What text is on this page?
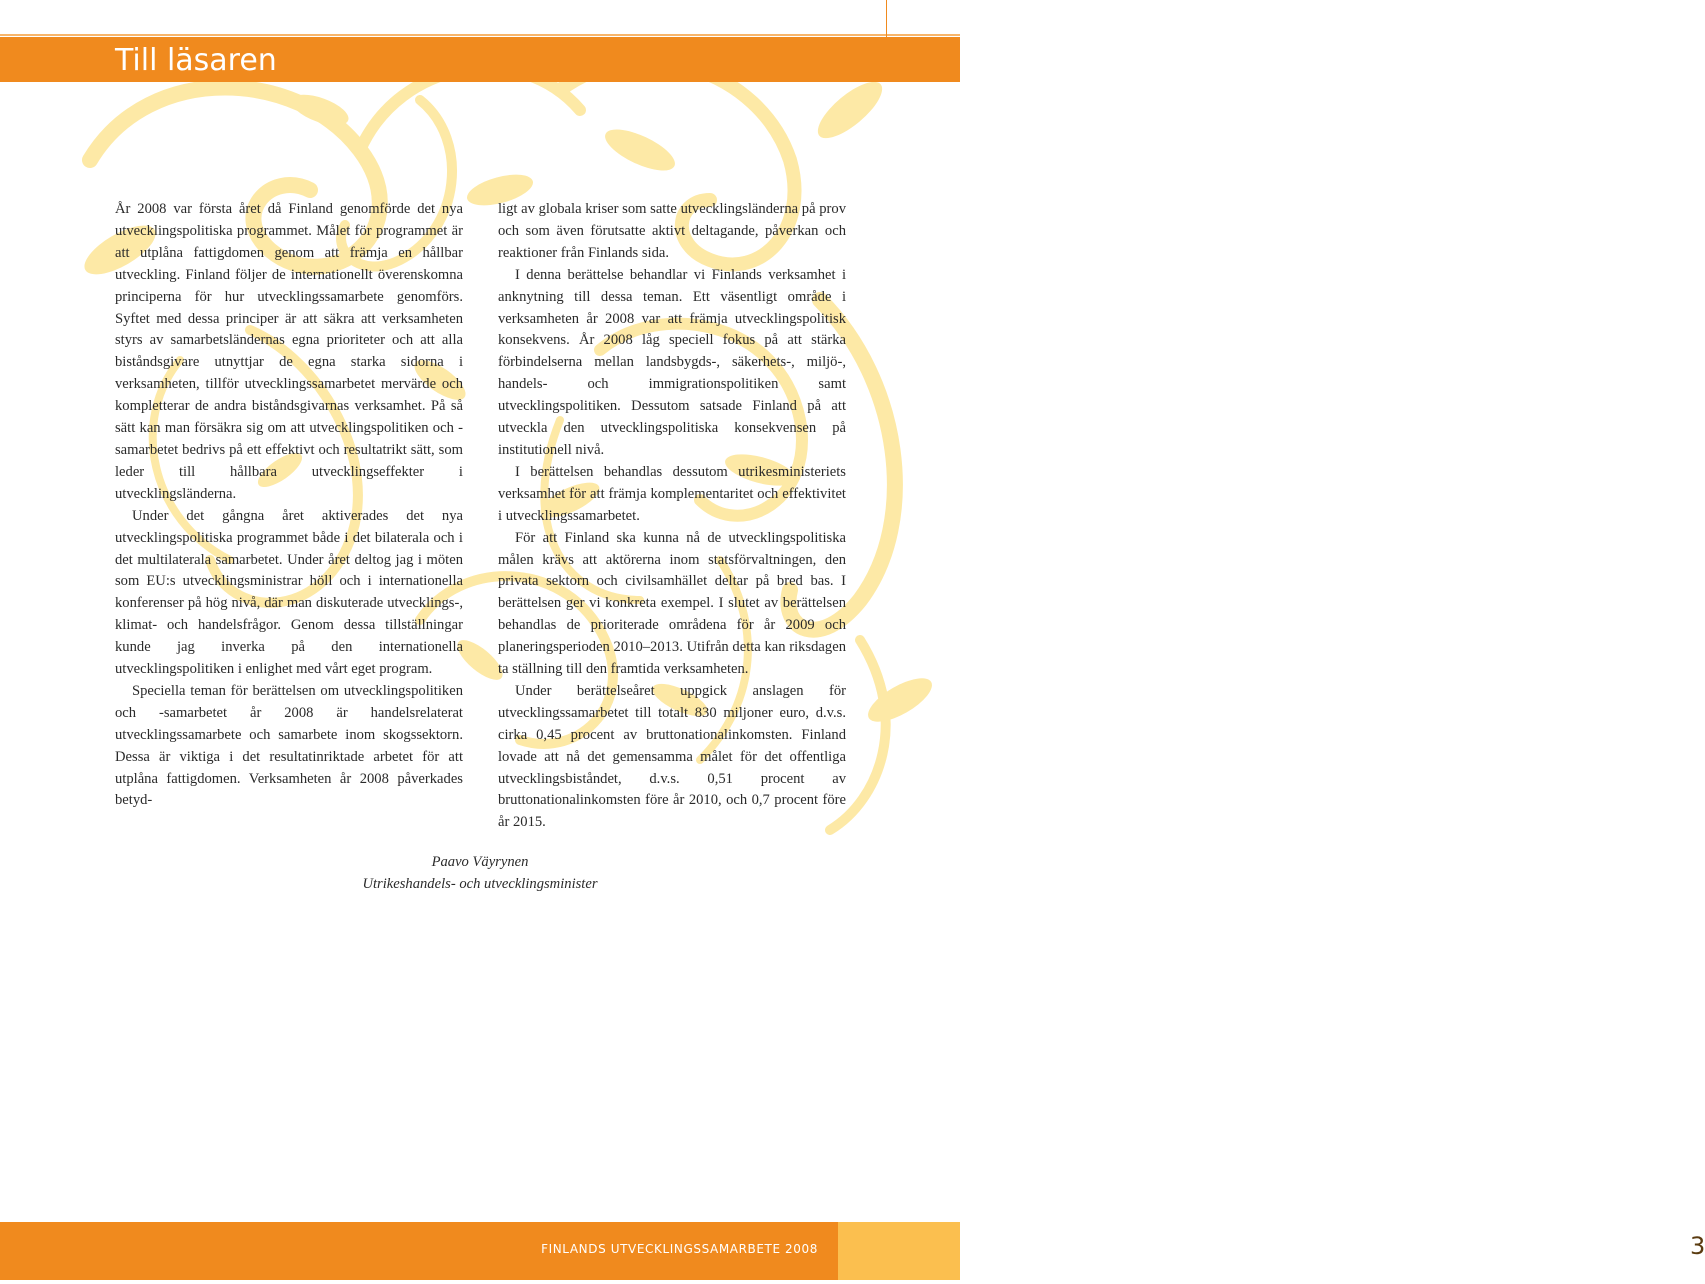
Till läsaren

År 2008 var första året då Finland genomförde det nya utvecklingspolitiska programmet. Målet för programmet är att utplåna fattigdomen genom att främja en hållbar utveckling. Finland följer de internationellt överenskomna principerna för hur utvecklingssamarbete genomförs. Syftet med dessa principer är att säkra att verksamheten styrs av samarbetsländernas egna prioriteter och att alla biståndsgivare utnyttjar de egna starka sidorna i verksamheten, tillför utvecklingssamarbetet mervärde och kompletterar de andra biståndsgivarnas verksamhet. På så sätt kan man försäkra sig om att utvecklingspolitiken och -samarbetet bedrivs på ett effektivt och resultatrikt sätt, som leder till hållbara utvecklingseffekter i utvecklingsländerna.

Under det gångna året aktiverades det nya utvecklingspolitiska programmet både i det bilaterala och i det multilaterala samarbetet. Under året deltog jag i möten som EU:s utvecklingsministrar höll och i internationella konferenser på hög nivå, där man diskuterade utvecklings-, klimat- och handelsfrågor. Genom dessa tillställningar kunde jag inverka på den internationella utvecklingspolitiken i enlighet med vårt eget program.

Speciella teman för berättelsen om utvecklingspolitiken och -samarbetet år 2008 är handelsrelaterat utvecklingssamarbete och samarbete inom skogssektorn. Dessa är viktiga i det resultatinriktade arbetet för att utplåna fattigdomen. Verksamheten år 2008 påverkades betyd-

ligt av globala kriser som satte utvecklingsländerna på prov och som även förutsatte aktivt deltagande, påverkan och reaktioner från Finlands sida.

I denna berättelse behandlar vi Finlands verksamhet i anknytning till dessa teman. Ett väsentligt område i verksamheten år 2008 var att främja utvecklingspolitisk konsekvens. År 2008 låg speciell fokus på att stärka förbindelserna mellan landsbygds-, säkerhets-, miljö-, handels- och immigrationspolitiken samt utvecklingspolitiken. Dessutom satsade Finland på att utveckla den utvecklingspolitiska konsekvensen på institutionell nivå.

I berättelsen behandlas dessutom utrikesministeriets verksamhet för att främja komplementaritet och effektivitet i utvecklingssamarbetet.

För att Finland ska kunna nå de utvecklingspolitiska målen krävs att aktörerna inom statsförvaltningen, den privata sektorn och civilsamhället deltar på bred bas. I berättelsen ger vi konkreta exempel. I slutet av berättelsen behandlas de prioriterade områdena för år 2009 och planeringsperioden 2010–2013. Utifrån detta kan riksdagen ta ställning till den framtida verksamheten.

Under berättelseåret uppgick anslagen för utvecklingssamarbetet till totalt 830 miljoner euro, d.v.s. cirka 0,45 procent av bruttonationalinkomsten. Finland lovade att nå det gemensamma målet för det offentliga utvecklingsbiståndet, d.v.s. 0,51 procent av bruttonationalinkomsten före år 2010, och 0,7 procent före år 2015.

Paavo Väyrynen
Utrikeshandels- och utvecklingsminister
FINLANDS UTVECKLINGSSAMARBETE 2008	3
